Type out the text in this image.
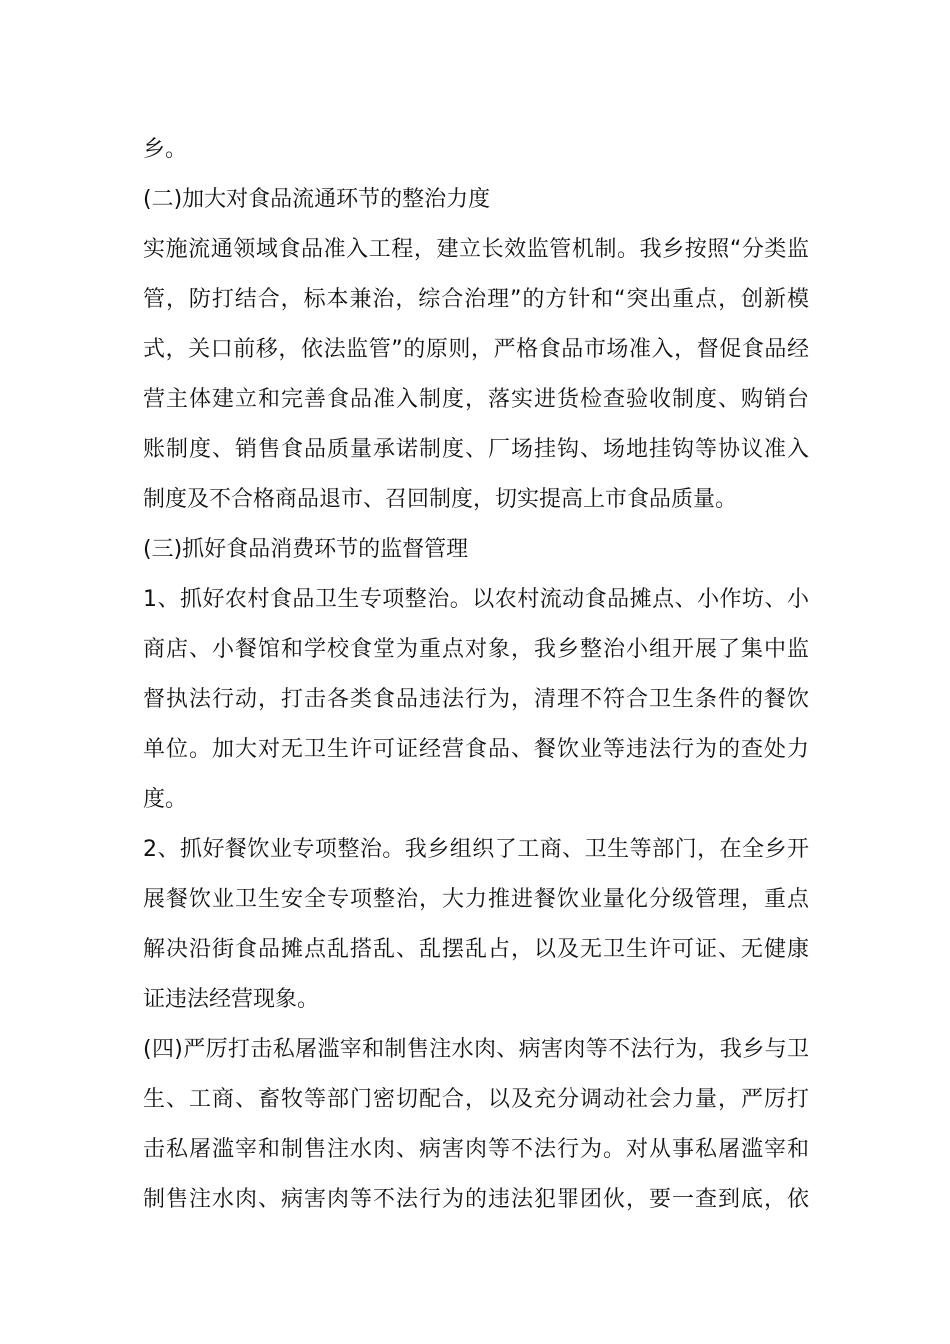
乡。

(二)加大对食品流通环节的整治力度

实施流通领域食品准入工程，建立长效监管机制。我乡按照“分类监

管，防打结合，标本兼治，综合治理”的方针和“突出重点，创新模

式，关口前移，依法监管”的原则，严格食品市场准入，督促食品经

营主体建立和完善食品准入制度，落实进货检查验收制度、购销台

账制度、销售食品质量承诺制度、厂场挂钩、场地挂钩等协议准入

制度及不合格商品退市、召回制度，切实提高上市食品质量。

(三)抓好食品消费环节的监督管理

1、抓好农村食品卫生专项整治。以农村流动食品摊点、小作坊、小

商店、小餐馆和学校食堂为重点对象，我乡整治小组开展了集中监

督执法行动，打击各类食品违法行为，清理不符合卫生条件的餐饮

单位。加大对无卫生许可证经营食品、餐饮业等违法行为的查处力

度。

2、抓好餐饮业专项整治。我乡组织了工商、卫生等部门，在全乡开

展餐饮业卫生安全专项整治，大力推进餐饮业量化分级管理，重点

解决沿街食品摊点乱搭乱、乱摆乱占，以及无卫生许可证、无健康

证违法经营现象。

(四)严厉打击私屠滥宰和制售注水肉、病害肉等不法行为，我乡与卫

生、工商、畜牧等部门密切配合，以及充分调动社会力量，严厉打

击私屠滥宰和制售注水肉、病害肉等不法行为。对从事私屠滥宰和

制售注水肉、病害肉等不法行为的违法犯罪团伙，要一查到底，依
